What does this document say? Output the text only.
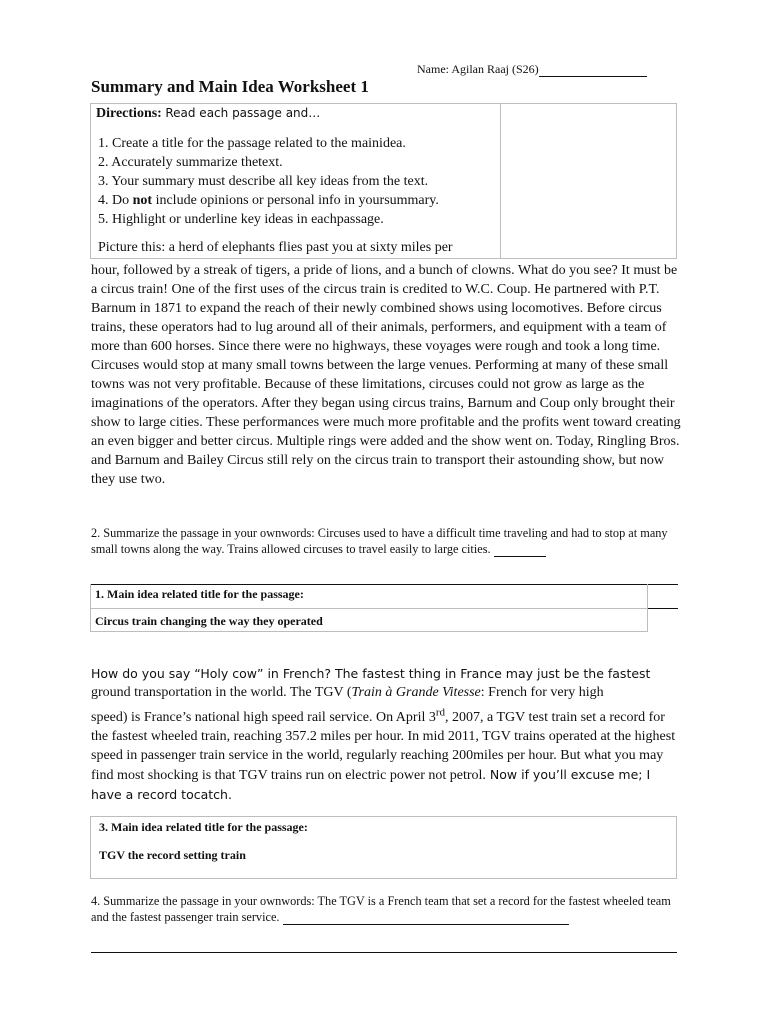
Name: Agilan Raaj (S26)
Summary and Main Idea Worksheet 1
Directions: Read each passage and…
1. Create a title for the passage related to the mainidea.
2. Accurately summarize thetext.
3. Your summary must describe all key ideas from the text.
4. Do not include opinions or personal info in yoursummary.
5. Highlight or underline key ideas in eachpassage.
Picture this: a herd of elephants flies past you at sixty miles per
hour, followed by a streak of tigers, a pride of lions, and a bunch of clowns. What do you see? It must be a circus train! One of the first uses of the circus train is credited to W.C. Coup. He partnered with P.T. Barnum in 1871 to expand the reach of their newly combined shows using locomotives. Before circus trains, these operators had to lug around all of their animals, performers, and equipment with a team of more than 600 horses. Since there were no highways, these voyages were rough and took a long time. Circuses would stop at many small towns between the large venues. Performing at many of these small towns was not very profitable. Because of these limitations, circuses could not grow as large as the imaginations of the operators. After they began using circus trains, Barnum and Coup only brought their show to large cities. These performances were much more profitable and the profits went toward creating an even bigger and better circus. Multiple rings were added and the show went on. Today, Ringling Bros. and Barnum and Bailey Circus still rely on the circus train to transport their astounding show, but now they use two.
2. Summarize the passage in your ownwords: Circuses used to have a difficult time traveling and had to stop at many small towns along the way. Trains allowed circuses to travel easily to large cities.
1. Main idea related title for the passage:
Circus train changing the way they operated
How do you say “Holy cow” in French? The fastest thing in France may just be the fastest
ground transportation in the world. The TGV (Train à Grande Vitesse: French for very high
speed) is France’s national high speed rail service. On April 3rd, 2007, a TGV test train set a record for the fastest wheeled train, reaching 357.2 miles per hour. In mid 2011, TGV trains operated at the highest speed in passenger train service in the world, regularly reaching 200miles per hour. But what you may find most shocking is that TGV trains run on electric power not petrol. Now if you’ll excuse me; I have a record tocatch.
3. Main idea related title for the passage:
TGV the record setting train
4. Summarize the passage in your ownwords: The TGV is a French team that set a record for the fastest wheeled team and the fastest passenger train service.
